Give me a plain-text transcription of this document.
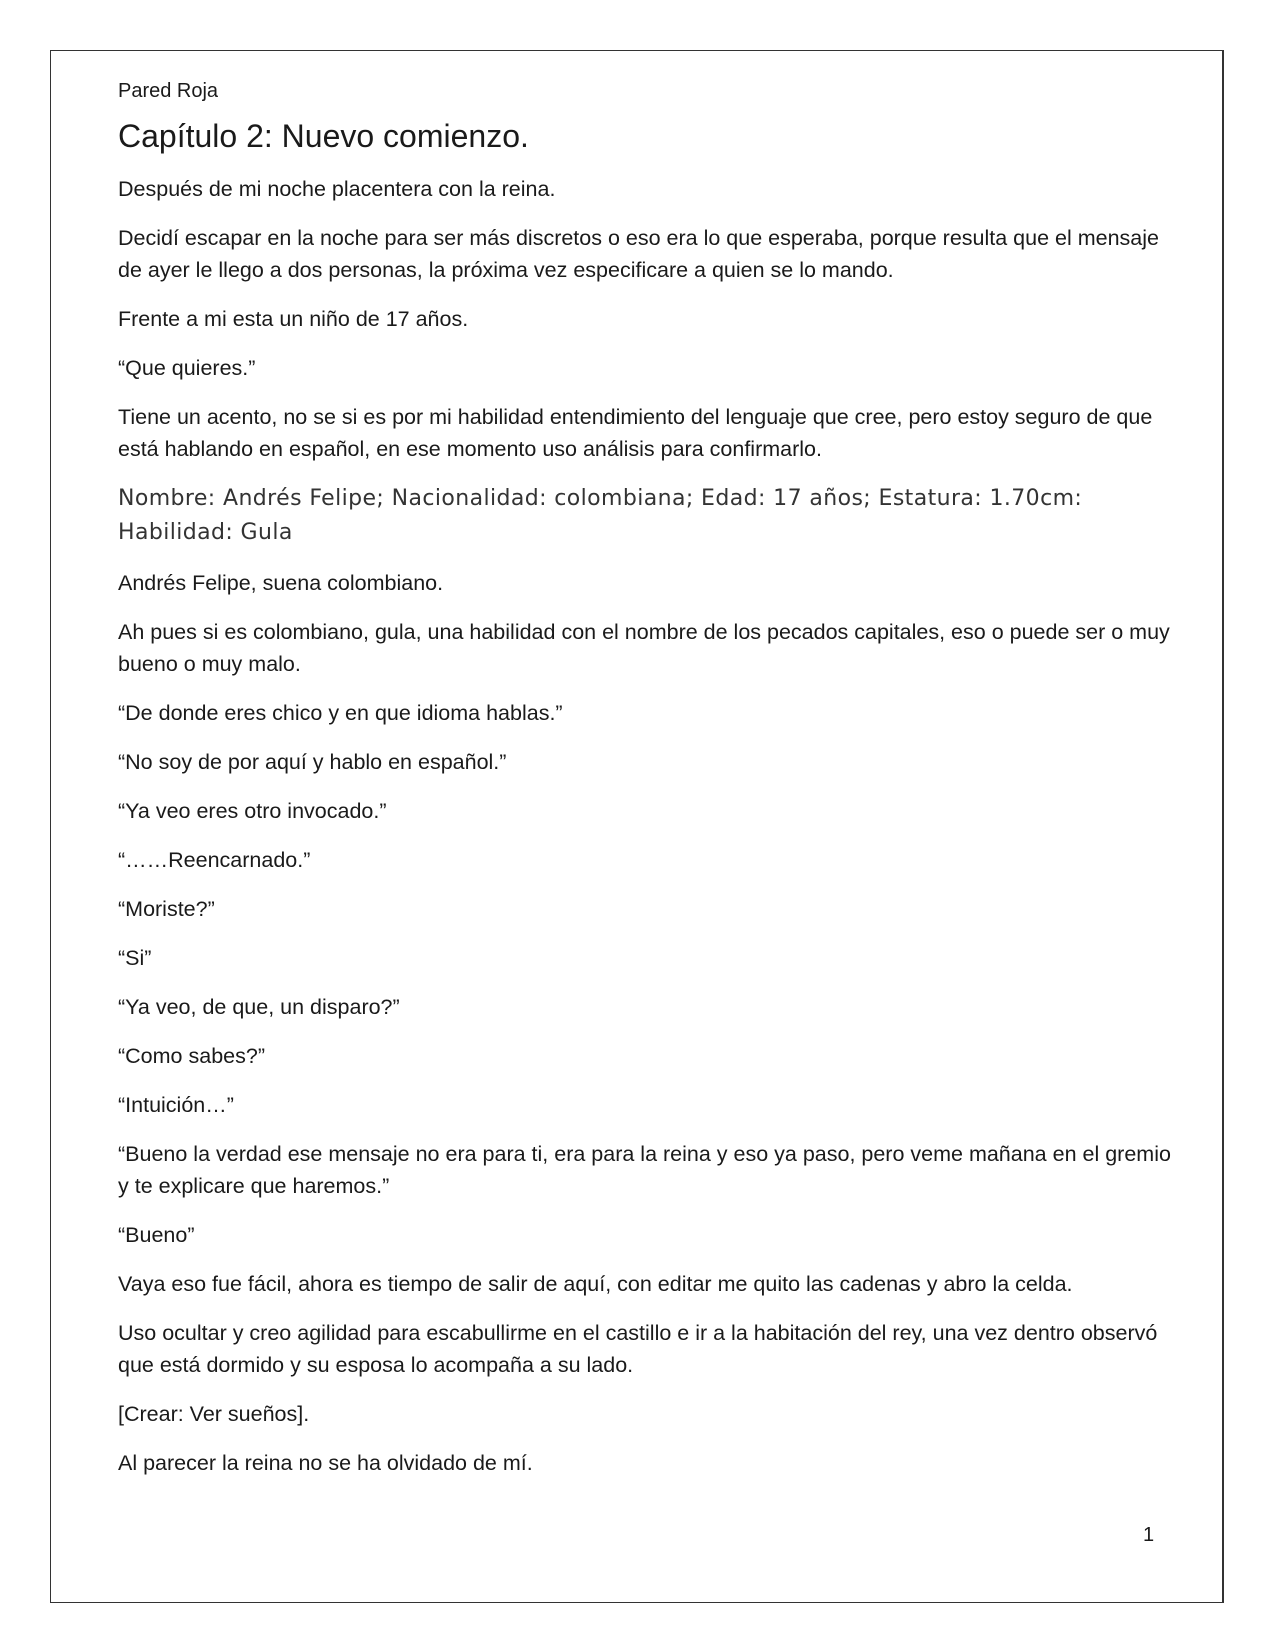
Pared Roja
Capítulo 2: Nuevo comienzo.

Después de mi noche placentera con la reina.

Decidí escapar en la noche para ser más discretos o eso era lo que esperaba, porque resulta que el mensaje de ayer le llego a dos personas, la próxima vez especificare a quien se lo mando.

Frente a mi esta un niño de 17 años.

“Que quieres.”

Tiene un acento, no se si es por mi habilidad entendimiento del lenguaje que cree, pero estoy seguro de que está hablando en español, en ese momento uso análisis para confirmarlo.

Nombre: Andrés Felipe; Nacionalidad: colombiana; Edad: 17 años; Estatura: 1.70cm: Habilidad: Gula

Andrés Felipe, suena colombiano.

Ah pues si es colombiano, gula, una habilidad con el nombre de los pecados capitales, eso o puede ser o muy bueno o muy malo.

“De donde eres chico y en que idioma hablas.”

“No soy de por aquí y hablo en español.”

“Ya veo eres otro invocado.”

“……Reencarnado.”

“Moriste?”

“Si”

“Ya veo, de que, un disparo?”

“Como sabes?”

“Intuición…”

“Bueno la verdad ese mensaje no era para ti, era para la reina y eso ya paso, pero veme mañana en el gremio y te explicare que haremos.”

“Bueno”

Vaya eso fue fácil, ahora es tiempo de salir de aquí, con editar me quito las cadenas y abro la celda.

Uso ocultar y creo agilidad para escabullirme en el castillo e ir a la habitación del rey, una vez dentro observó que está dormido y su esposa lo acompaña a su lado.

[Crear: Ver sueños].

Al parecer la reina no se ha olvidado de mí.

1
